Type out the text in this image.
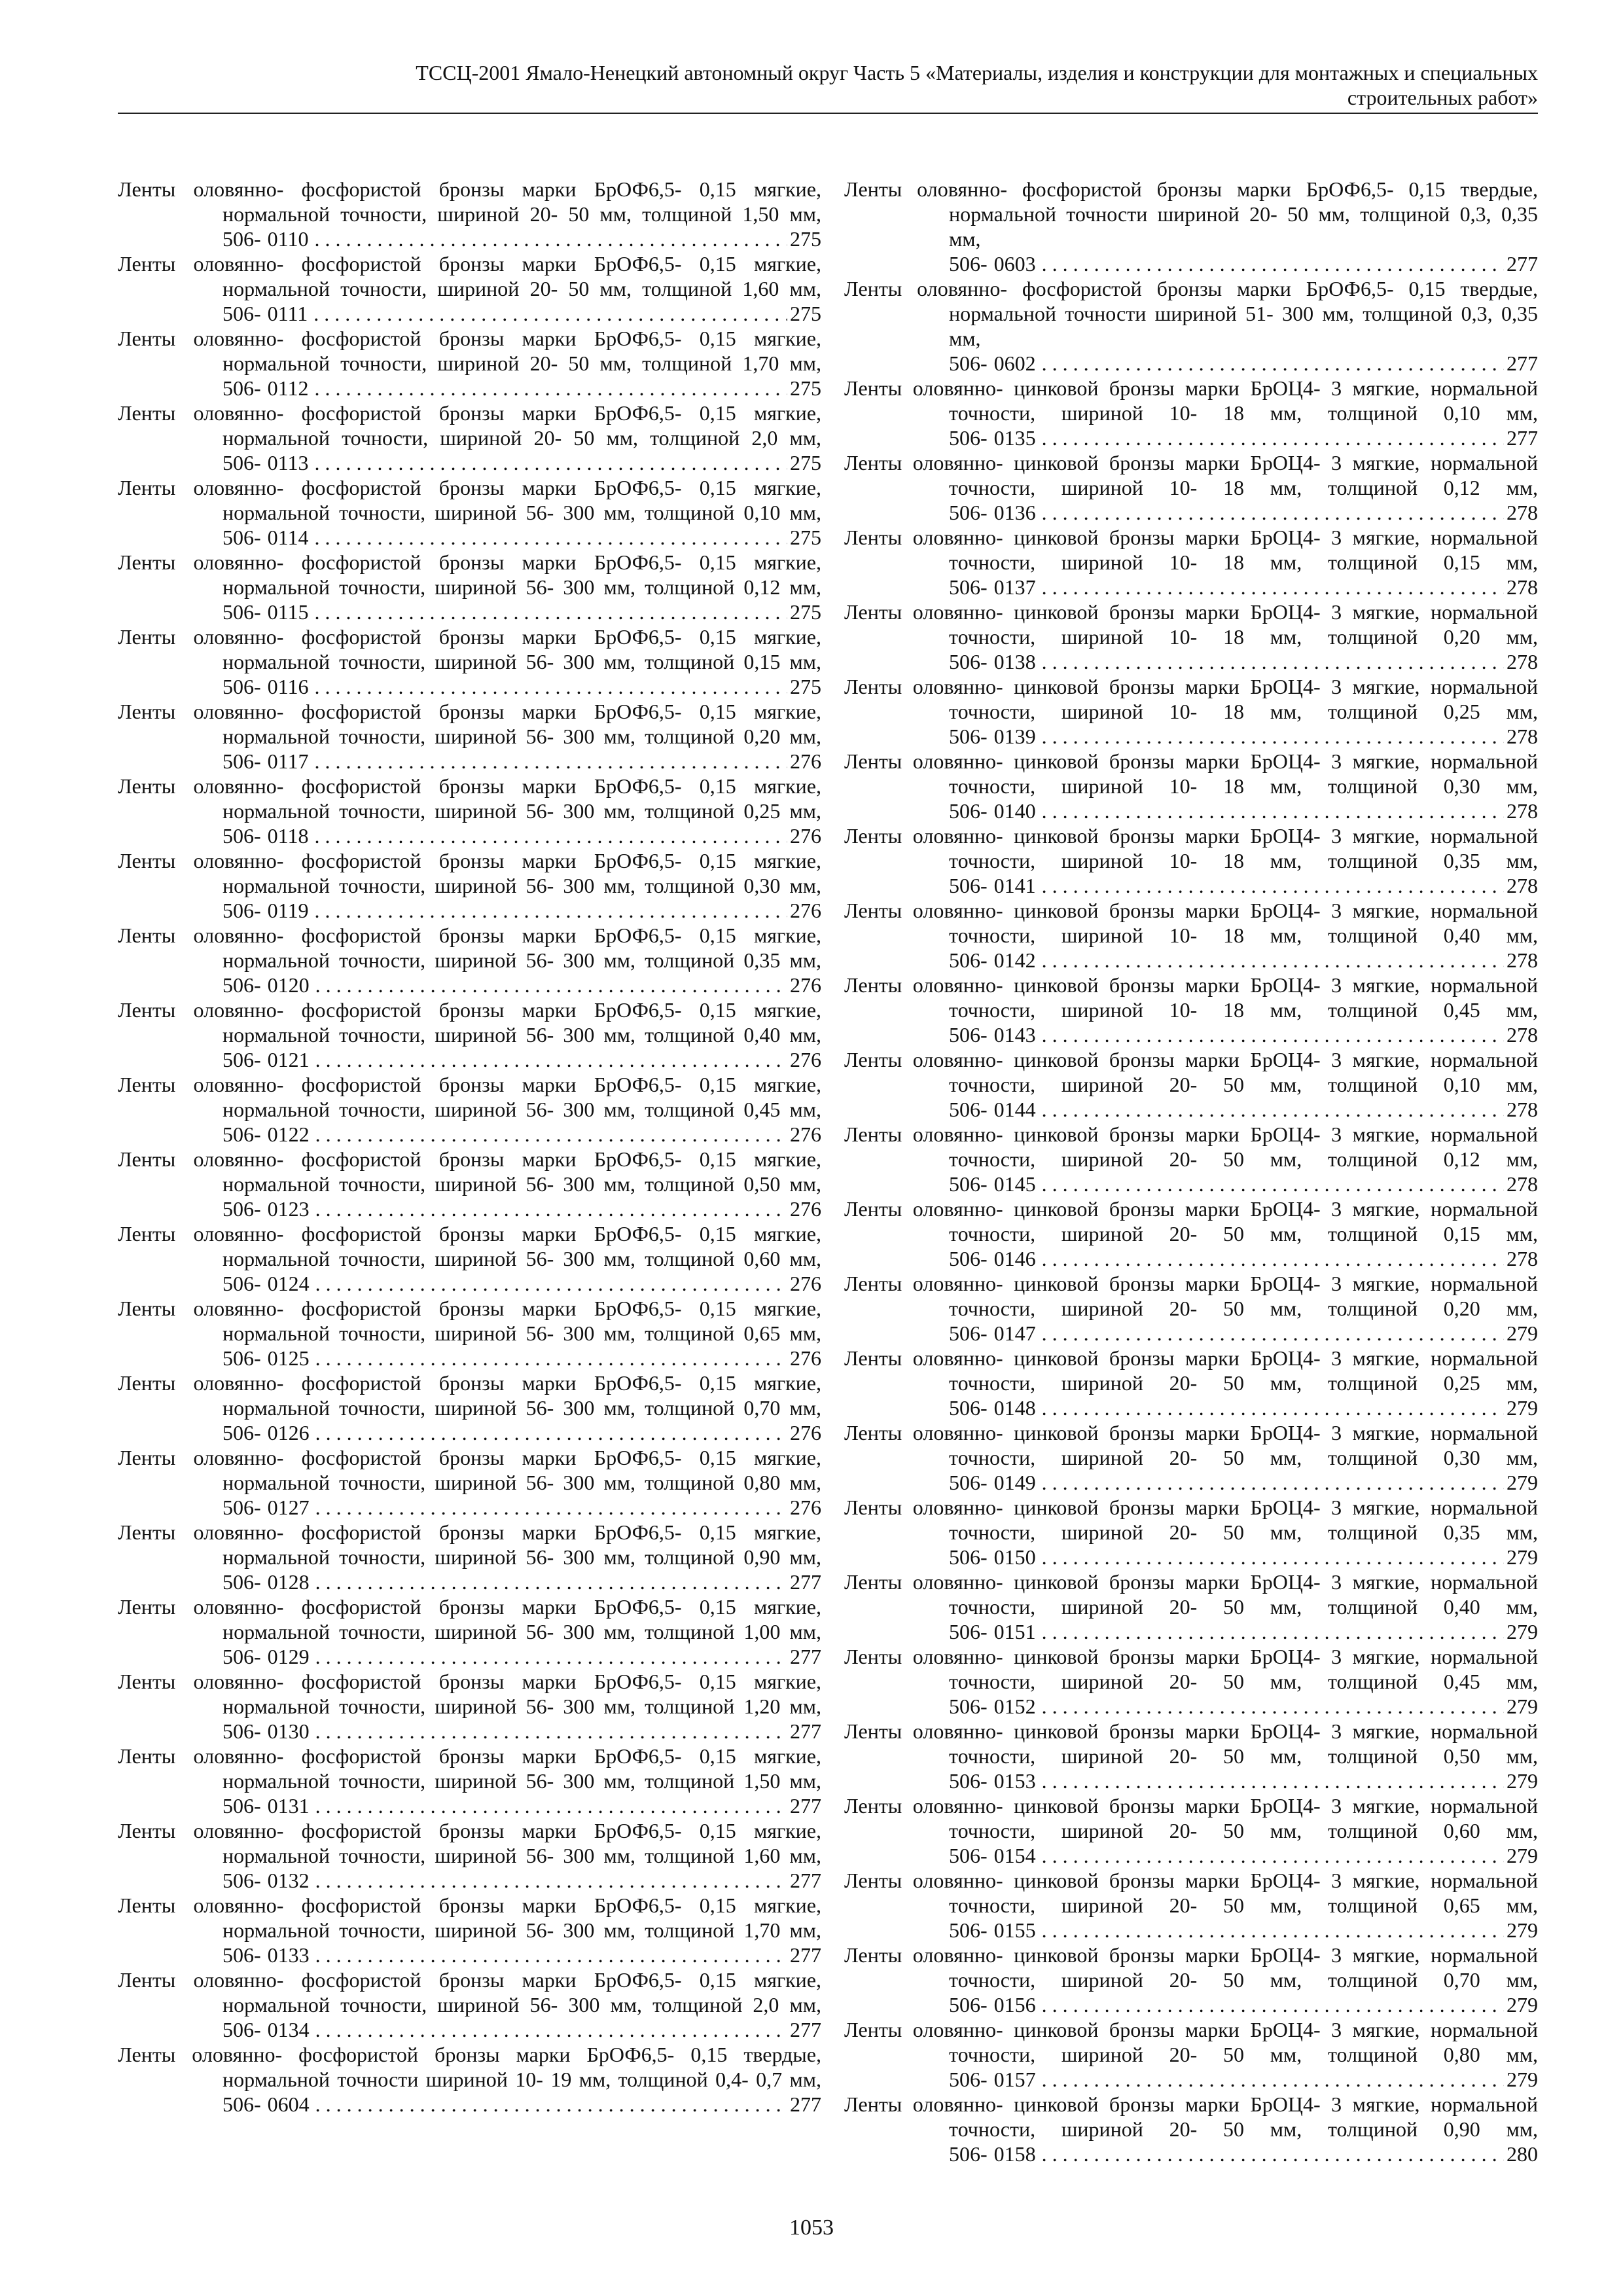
ТССЦ-2001 Ямало-Ненецкий автономный округ Часть 5 «Материалы, изделия и конструкции для монтажных и специальных
строительных работ»

Ленты оловянно- фосфористой бронзы марки БрОФ6,5- 0,15 мягкие, нормальной точности, шириной 20- 50 мм, толщиной 1,50 мм, 506- 0110 . . .	275

Ленты оловянно- фосфористой бронзы марки БрОФ6,5- 0,15 мягкие, нормальной точности, шириной 20- 50 мм, толщиной 1,60 мм, 506- 0111 . . .	275

Ленты оловянно- фосфористой бронзы марки БрОФ6,5- 0,15 мягкие, нормальной точности, шириной 20- 50 мм, толщиной 1,70 мм, 506- 0112 . . .	275

Ленты оловянно- фосфористой бронзы марки БрОФ6,5- 0,15 мягкие, нормальной точности, шириной 20- 50 мм, толщиной 2,0 мм, 506- 0113 . . .	275

Ленты оловянно- фосфористой бронзы марки БрОФ6,5- 0,15 мягкие, нормальной точности, шириной 56- 300 мм, толщиной 0,10 мм, 506- 0114 . . .	275

Ленты оловянно- фосфористой бронзы марки БрОФ6,5- 0,15 мягкие, нормальной точности, шириной 56- 300 мм, толщиной 0,12 мм, 506- 0115 . . .	275

Ленты оловянно- фосфористой бронзы марки БрОФ6,5- 0,15 мягкие, нормальной точности, шириной 56- 300 мм, толщиной 0,15 мм, 506- 0116 . . .	275

Ленты оловянно- фосфористой бронзы марки БрОФ6,5- 0,15 мягкие, нормальной точности, шириной 56- 300 мм, толщиной 0,20 мм, 506- 0117 . . .	276

Ленты оловянно- фосфористой бронзы марки БрОФ6,5- 0,15 мягкие, нормальной точности, шириной 56- 300 мм, толщиной 0,25 мм, 506- 0118 . . .	276

Ленты оловянно- фосфористой бронзы марки БрОФ6,5- 0,15 мягкие, нормальной точности, шириной 56- 300 мм, толщиной 0,30 мм, 506- 0119 . . .	276

Ленты оловянно- фосфористой бронзы марки БрОФ6,5- 0,15 мягкие, нормальной точности, шириной 56- 300 мм, толщиной 0,35 мм, 506- 0120 . . .	276

Ленты оловянно- фосфористой бронзы марки БрОФ6,5- 0,15 мягкие, нормальной точности, шириной 56- 300 мм, толщиной 0,40 мм, 506- 0121 . . .	276

Ленты оловянно- фосфористой бронзы марки БрОФ6,5- 0,15 мягкие, нормальной точности, шириной 56- 300 мм, толщиной 0,45 мм, 506- 0122 . . .	276

Ленты оловянно- фосфористой бронзы марки БрОФ6,5- 0,15 мягкие, нормальной точности, шириной 56- 300 мм, толщиной 0,50 мм, 506- 0123 . . .	276

Ленты оловянно- фосфористой бронзы марки БрОФ6,5- 0,15 мягкие, нормальной точности, шириной 56- 300 мм, толщиной 0,60 мм, 506- 0124 . . .	276

Ленты оловянно- фосфористой бронзы марки БрОФ6,5- 0,15 мягкие, нормальной точности, шириной 56- 300 мм, толщиной 0,65 мм, 506- 0125 . . .	276

Ленты оловянно- фосфористой бронзы марки БрОФ6,5- 0,15 мягкие, нормальной точности, шириной 56- 300 мм, толщиной 0,70 мм, 506- 0126 . . .	276

Ленты оловянно- фосфористой бронзы марки БрОФ6,5- 0,15 мягкие, нормальной точности, шириной 56- 300 мм, толщиной 0,80 мм, 506- 0127 . . .	276

Ленты оловянно- фосфористой бронзы марки БрОФ6,5- 0,15 мягкие, нормальной точности, шириной 56- 300 мм, толщиной 0,90 мм, 506- 0128 . . .	277

Ленты оловянно- фосфористой бронзы марки БрОФ6,5- 0,15 мягкие, нормальной точности, шириной 56- 300 мм, толщиной 1,00 мм, 506- 0129 . . .	277

Ленты оловянно- фосфористой бронзы марки БрОФ6,5- 0,15 мягкие, нормальной точности, шириной 56- 300 мм, толщиной 1,20 мм, 506- 0130 . . .	277

Ленты оловянно- фосфористой бронзы марки БрОФ6,5- 0,15 мягкие, нормальной точности, шириной 56- 300 мм, толщиной 1,50 мм, 506- 0131 . . .	277

Ленты оловянно- фосфористой бронзы марки БрОФ6,5- 0,15 мягкие, нормальной точности, шириной 56- 300 мм, толщиной 1,60 мм, 506- 0132 . . .	277

Ленты оловянно- фосфористой бронзы марки БрОФ6,5- 0,15 мягкие, нормальной точности, шириной 56- 300 мм, толщиной 1,70 мм, 506- 0133 . . .	277

Ленты оловянно- фосфористой бронзы марки БрОФ6,5- 0,15 мягкие, нормальной точности, шириной 56- 300 мм, толщиной 2,0 мм, 506- 0134 . . .	277

Ленты оловянно- фосфористой бронзы марки БрОФ6,5- 0,15 твердые, нормальной точности шириной 10- 19 мм, толщиной 0,4- 0,7 мм, 506- 0604 . . .	277

Ленты оловянно- фосфористой бронзы марки БрОФ6,5- 0,15 твердые, нормальной точности шириной 20- 50 мм, толщиной 0,3, 0,35 мм, 506- 0603 . . .	277

Ленты оловянно- фосфористой бронзы марки БрОФ6,5- 0,15 твердые, нормальной точности шириной 51- 300 мм, толщиной 0,3, 0,35 мм, 506- 0602 . . .	277

Ленты оловянно- цинковой бронзы марки БрОЦ4- 3 мягкие, нормальной точности, шириной 10- 18 мм, толщиной 0,10 мм, 506- 0135 . . .	277

Ленты оловянно- цинковой бронзы марки БрОЦ4- 3 мягкие, нормальной точности, шириной 10- 18 мм, толщиной 0,12 мм, 506- 0136 . . .	278

Ленты оловянно- цинковой бронзы марки БрОЦ4- 3 мягкие, нормальной точности, шириной 10- 18 мм, толщиной 0,15 мм, 506- 0137 . . .	278

Ленты оловянно- цинковой бронзы марки БрОЦ4- 3 мягкие, нормальной точности, шириной 10- 18 мм, толщиной 0,20 мм, 506- 0138 . . .	278

Ленты оловянно- цинковой бронзы марки БрОЦ4- 3 мягкие, нормальной точности, шириной 10- 18 мм, толщиной 0,25 мм, 506- 0139 . . .	278

Ленты оловянно- цинковой бронзы марки БрОЦ4- 3 мягкие, нормальной точности, шириной 10- 18 мм, толщиной 0,30 мм, 506- 0140 . . .	278

Ленты оловянно- цинковой бронзы марки БрОЦ4- 3 мягкие, нормальной точности, шириной 10- 18 мм, толщиной 0,35 мм, 506- 0141 . . .	278

Ленты оловянно- цинковой бронзы марки БрОЦ4- 3 мягкие, нормальной точности, шириной 10- 18 мм, толщиной 0,40 мм, 506- 0142 . . .	278

Ленты оловянно- цинковой бронзы марки БрОЦ4- 3 мягкие, нормальной точности, шириной 10- 18 мм, толщиной 0,45 мм, 506- 0143 . . .	278

Ленты оловянно- цинковой бронзы марки БрОЦ4- 3 мягкие, нормальной точности, шириной 20- 50 мм, толщиной 0,10 мм, 506- 0144 . . .	278

Ленты оловянно- цинковой бронзы марки БрОЦ4- 3 мягкие, нормальной точности, шириной 20- 50 мм, толщиной 0,12 мм, 506- 0145 . . .	278

Ленты оловянно- цинковой бронзы марки БрОЦ4- 3 мягкие, нормальной точности, шириной 20- 50 мм, толщиной 0,15 мм, 506- 0146 . . .	278

Ленты оловянно- цинковой бронзы марки БрОЦ4- 3 мягкие, нормальной точности, шириной 20- 50 мм, толщиной 0,20 мм, 506- 0147 . . .	279

Ленты оловянно- цинковой бронзы марки БрОЦ4- 3 мягкие, нормальной точности, шириной 20- 50 мм, толщиной 0,25 мм, 506- 0148 . . .	279

Ленты оловянно- цинковой бронзы марки БрОЦ4- 3 мягкие, нормальной точности, шириной 20- 50 мм, толщиной 0,30 мм, 506- 0149 . . .	279

Ленты оловянно- цинковой бронзы марки БрОЦ4- 3 мягкие, нормальной точности, шириной 20- 50 мм, толщиной 0,35 мм, 506- 0150 . . .	279

Ленты оловянно- цинковой бронзы марки БрОЦ4- 3 мягкие, нормальной точности, шириной 20- 50 мм, толщиной 0,40 мм, 506- 0151 . . .	279

Ленты оловянно- цинковой бронзы марки БрОЦ4- 3 мягкие, нормальной точности, шириной 20- 50 мм, толщиной 0,45 мм, 506- 0152 . . .	279

Ленты оловянно- цинковой бронзы марки БрОЦ4- 3 мягкие, нормальной точности, шириной 20- 50 мм, толщиной 0,50 мм, 506- 0153 . . .	279

Ленты оловянно- цинковой бронзы марки БрОЦ4- 3 мягкие, нормальной точности, шириной 20- 50 мм, толщиной 0,60 мм, 506- 0154 . . .	279

Ленты оловянно- цинковой бронзы марки БрОЦ4- 3 мягкие, нормальной точности, шириной 20- 50 мм, толщиной 0,65 мм, 506- 0155 . . .	279

Ленты оловянно- цинковой бронзы марки БрОЦ4- 3 мягкие, нормальной точности, шириной 20- 50 мм, толщиной 0,70 мм, 506- 0156 . . .	279

Ленты оловянно- цинковой бронзы марки БрОЦ4- 3 мягкие, нормальной точности, шириной 20- 50 мм, толщиной 0,80 мм, 506- 0157 . . .	279

Ленты оловянно- цинковой бронзы марки БрОЦ4- 3 мягкие, нормальной точности, шириной 20- 50 мм, толщиной 0,90 мм, 506- 0158 . . .	280

1053
